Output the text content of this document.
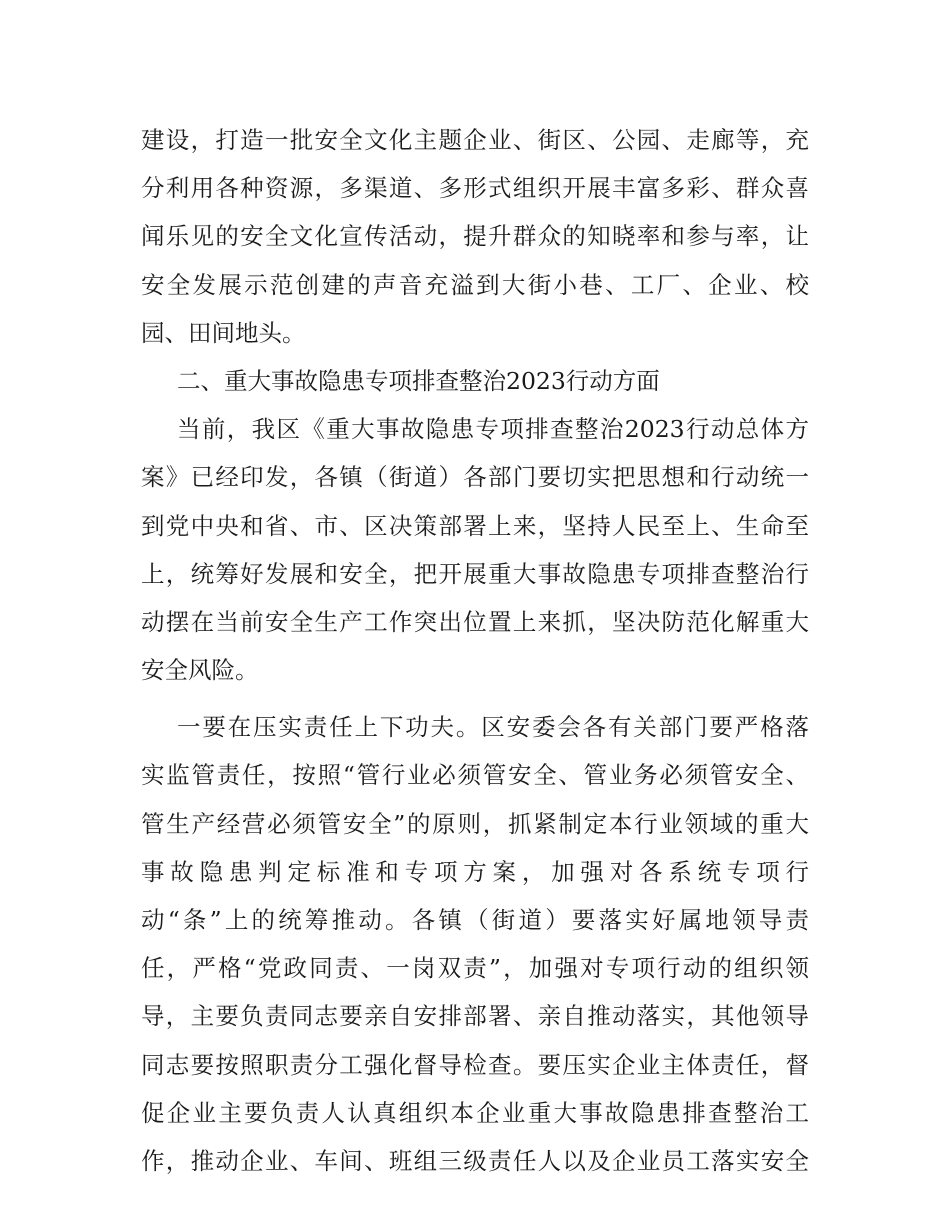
建设，打造一批安全文化主题企业、街区、公园、走廊等，充
分利用各种资源，多渠道、多形式组织开展丰富多彩、群众喜
闻乐见的安全文化宣传活动，提升群众的知晓率和参与率，让
安全发展示范创建的声音充溢到大街小巷、工厂、企业、校
园、田间地头。
二、重大事故隐患专项排查整治2023行动方面
当前，我区《重大事故隐患专项排查整治2023行动总体方
案》已经印发，各镇（街道）各部门要切实把思想和行动统一
到党中央和省、市、区决策部署上来，坚持人民至上、生命至
上，统筹好发展和安全，把开展重大事故隐患专项排查整治行
动摆在当前安全生产工作突出位置上来抓，坚决防范化解重大
安全风险。
一要在压实责任上下功夫。区安委会各有关部门要严格落
实监管责任，按照“管行业必须管安全、管业务必须管安全、
管生产经营必须管安全”的原则，抓紧制定本行业领域的重大
事故隐患判定标准和专项方案，加强对各系统专项行
动“条”上的统筹推动。各镇（街道）要落实好属地领导责
任，严格“党政同责、一岗双责”，加强对专项行动的组织领
导，主要负责同志要亲自安排部署、亲自推动落实，其他领导
同志要按照职责分工强化督导检查。要压实企业主体责任，督
促企业主要负责人认真组织本企业重大事故隐患排查整治工
作，推动企业、车间、班组三级责任人以及企业员工落实安全
